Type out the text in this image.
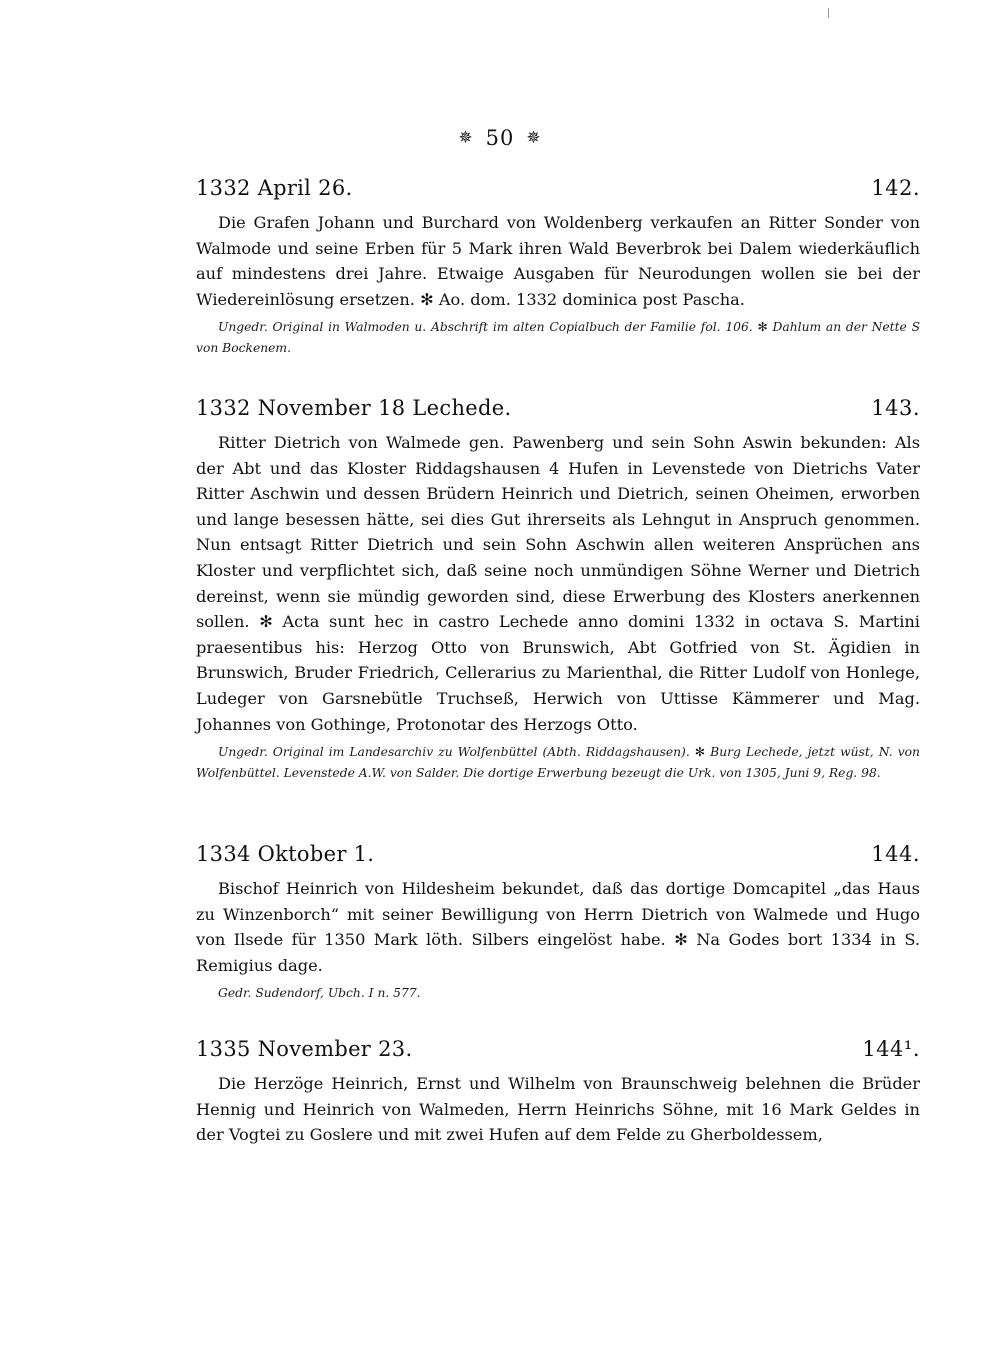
✵ 50 ✵
1332 April 26.	142.
Die Grafen Johann und Burchard von Woldenberg verkaufen an Ritter Sonder von Walmode und seine Erben für 5 Mark ihren Wald Beverbrok bei Dalem wiederkäuflich auf mindestens drei Jahre. Etwaige Ausgaben für Neurodungen wollen sie bei der Wiedereinlösung ersetzen. ✻ Ao. dom. 1332 dominica post Pascha.
Ungedr. Original in Walmoden u. Abschrift im alten Copialbuch der Familie fol. 106. ✻ Dahlum an der Nette S von Bockenem.
1332 November 18 Lechede.	143.
Ritter Dietrich von Walmede gen. Pawenberg und sein Sohn Aswin bekunden: Als der Abt und das Kloster Riddagshausen 4 Hufen in Levenstede von Dietrichs Vater Ritter Aschwin und dessen Brüdern Heinrich und Dietrich, seinen Oheimen, erworben und lange besessen hätte, sei dies Gut ihrerseits als Lehngut in Anspruch genommen. Nun entsagt Ritter Dietrich und sein Sohn Aschwin allen weiteren Ansprüchen ans Kloster und verpflichtet sich, daß seine noch unmündigen Söhne Werner und Dietrich dereinst, wenn sie mündig geworden sind, diese Erwerbung des Klosters anerkennen sollen. ✻ Acta sunt hec in castro Lechede anno domini 1332 in octava S. Martini praesentibus his: Herzog Otto von Brunswich, Abt Gotfried von St. Ägidien in Brunswich, Bruder Friedrich, Cellerarius zu Marienthal, die Ritter Ludolf von Honlege, Ludeger von Garsnebütle Truchseß, Herwich von Uttisse Kämmerer und Mag. Johannes von Gothinge, Protonotar des Herzogs Otto.
Ungedr. Original im Landesarchiv zu Wolfenbüttel (Abth. Riddagshausen). ✻ Burg Lechede, jetzt wüst, N. von Wolfenbüttel. Levenstede A.W. von Salder. Die dortige Erwerbung bezeugt die Urk. von 1305, Juni 9, Reg. 98.
1334 Oktober 1.	144.
Bischof Heinrich von Hildesheim bekundet, daß das dortige Domcapitel „das Haus zu Winzenborch“ mit seiner Bewilligung von Herrn Dietrich von Walmede und Hugo von Ilsede für 1350 Mark löth. Silbers eingelöst habe. ✻ Na Godes bort 1334 in S. Remigius dage.
Gedr. Sudendorf, Ubch. I n. 577.
1335 November 23.	144¹.
Die Herzöge Heinrich, Ernst und Wilhelm von Braunschweig belehnen die Brüder Hennig und Heinrich von Walmeden, Herrn Heinrichs Söhne, mit 16 Mark Geldes in der Vogtei zu Goslere und mit zwei Hufen auf dem Felde zu Gherboldessem,
